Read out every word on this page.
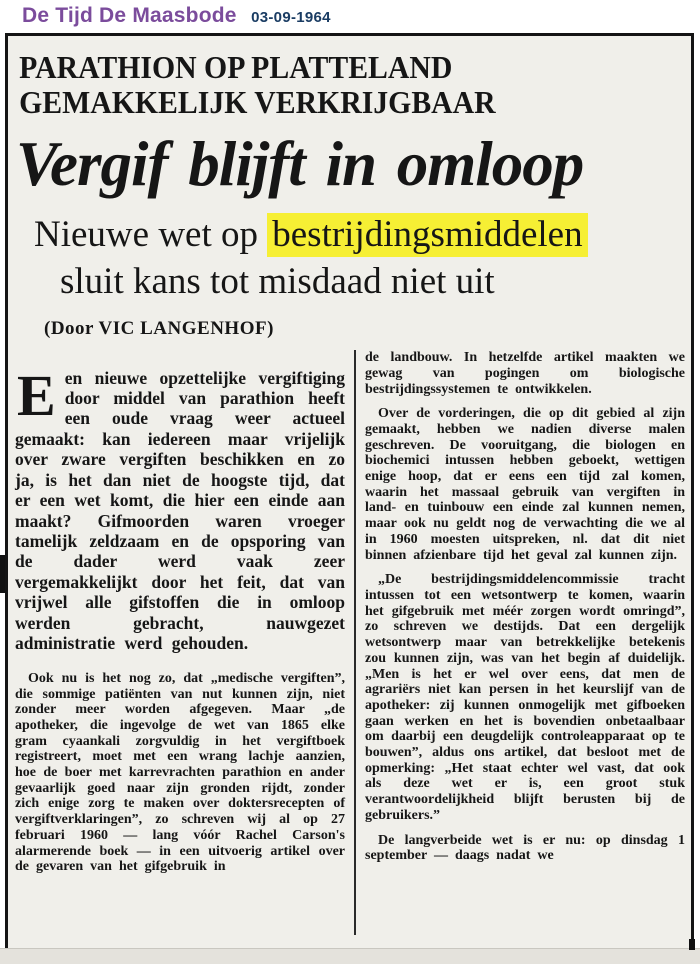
De Tijd De Maasbode 03-09-1964
PARATHION OP PLATTELAND
GEMAKKELIJK VERKRIJGBAAR
Vergif blijft in omloop
Nieuwe wet op bestrijdingsmiddelen
sluit kans tot misdaad niet uit
(Door VIC LANGENHOF)

Een nieuwe opzettelijke vergiftiging door middel van parathion heeft een oude vraag weer actueel gemaakt: kan iedereen maar vrijelijk over zware vergiften beschikken en zo ja, is het dan niet de hoogste tijd, dat er een wet komt, die hier een einde aan maakt? Gifmoorden waren vroeger tamelijk zeldzaam en de opsporing van de dader werd vaak zeer vergemakkelijkt door het feit, dat van vrijwel alle gifstoffen die in omloop werden gebracht, nauwgezet administratie werd gehouden.

Ook nu is het nog zo, dat „medische vergiften”, die sommige patiënten van nut kunnen zijn, niet zonder meer worden afgegeven. Maar „de apotheker, die ingevolge de wet van 1865 elke gram cyaankali zorgvuldig in het vergiftboek registreert, moet met een wrang lachje aanzien, hoe de boer met karrevrachten parathion en ander gevaarlijk goed naar zijn gronden rijdt, zonder zich enige zorg te maken over doktersrecepten of vergiftverklaringen”, zo schreven wij al op 27 februari 1960 — lang vóór Rachel Carson's alarmerende boek — in een uitvoerig artikel over de gevaren van het gifgebruik in

de landbouw. In hetzelfde artikel maakten we gewag van pogingen om biologische bestrijdingssystemen te ontwikkelen.

Over de vorderingen, die op dit gebied al zijn gemaakt, hebben we nadien diverse malen geschreven. De vooruitgang, die biologen en biochemici intussen hebben geboekt, wettigen enige hoop, dat er eens een tijd zal komen, waarin het massaal gebruik van vergiften in land- en tuinbouw een einde zal kunnen nemen, maar ook nu geldt nog de verwachting die we al in 1960 moesten uitspreken, nl. dat dit niet binnen afzienbare tijd het geval zal kunnen zijn.

„De bestrijdingsmiddelencommissie tracht intussen tot een wetsontwerp te komen, waarin het gifgebruik met méér zorgen wordt omringd”, zo schreven we destijds. Dat een dergelijk wetsontwerp maar van betrekkelijke betekenis zou kunnen zijn, was van het begin af duidelijk. „Men is het er wel over eens, dat men de agrariërs niet kan persen in het keurslijf van de apotheker: zij kunnen onmogelijk met gifboeken gaan werken en het is bovendien onbetaalbaar om daarbij een deugdelijk controleapparaat op te bouwen”, aldus ons artikel, dat besloot met de opmerking: „Het staat echter wel vast, dat ook als deze wet er is, een groot stuk verantwoordelijkheid blijft berusten bij de gebruikers.”

De langverbeide wet is er nu: op dinsdag 1 september — daags nadat we
